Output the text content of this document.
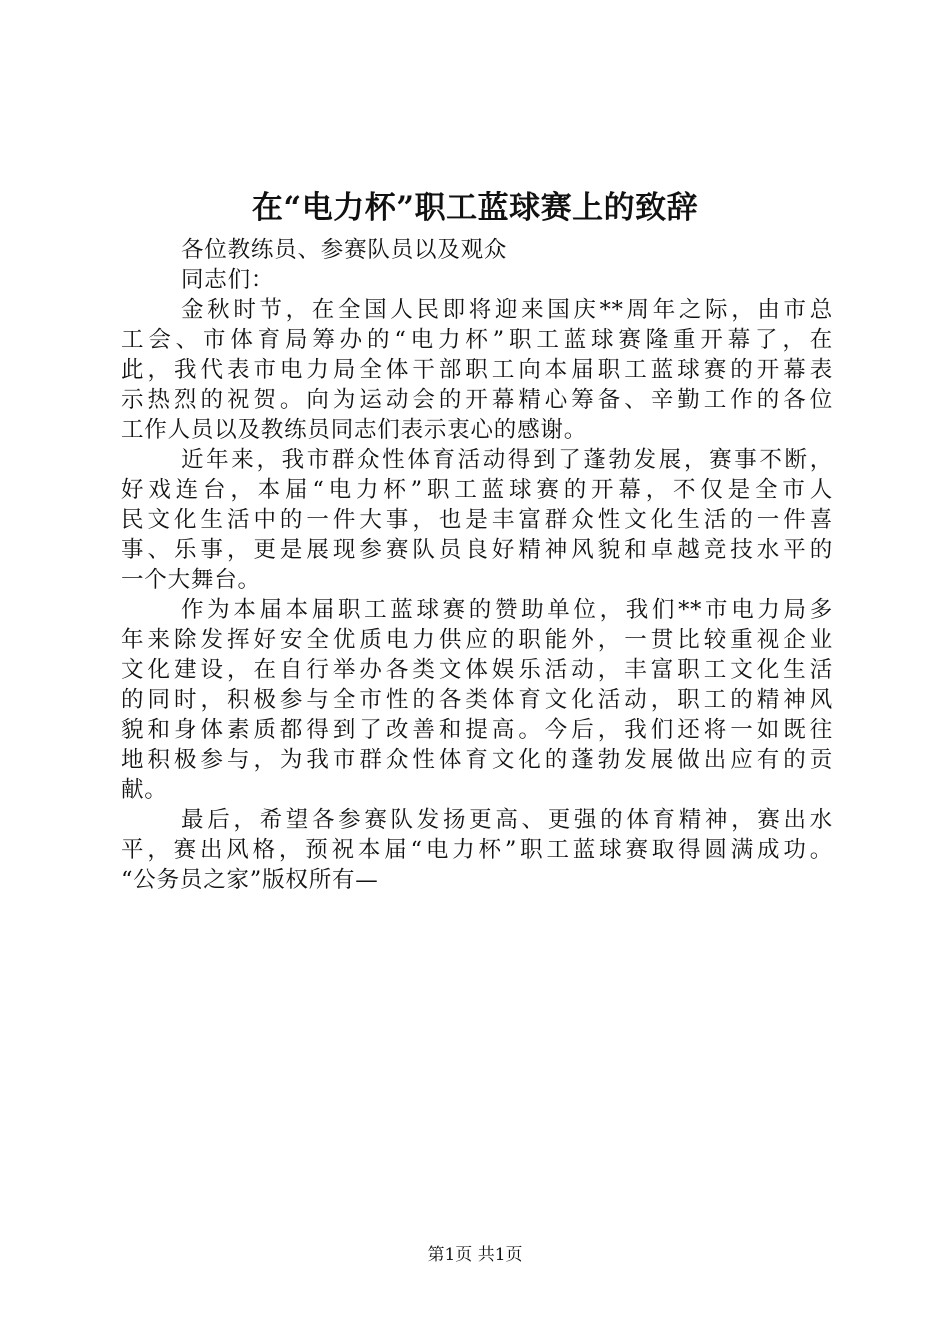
在“电力杯”职工蓝球赛上的致辞
各位教练员、参赛队员以及观众
同志们：
金秋时节，在全国人民即将迎来国庆**周年之际，由市总
工会、市体育局筹办的“电力杯”职工蓝球赛隆重开幕了，在
此，我代表市电力局全体干部职工向本届职工蓝球赛的开幕表
示热烈的祝贺。向为运动会的开幕精心筹备、辛勤工作的各位
工作人员以及教练员同志们表示衷心的感谢。
近年来，我市群众性体育活动得到了蓬勃发展，赛事不断，
好戏连台，本届“电力杯”职工蓝球赛的开幕，不仅是全市人
民文化生活中的一件大事，也是丰富群众性文化生活的一件喜
事、乐事，更是展现参赛队员良好精神风貌和卓越竞技水平的
一个大舞台。
作为本届本届职工蓝球赛的赞助单位，我们**市电力局多
年来除发挥好安全优质电力供应的职能外，一贯比较重视企业
文化建设，在自行举办各类文体娱乐活动，丰富职工文化生活
的同时，积极参与全市性的各类体育文化活动，职工的精神风
貌和身体素质都得到了改善和提高。今后，我们还将一如既往
地积极参与，为我市群众性体育文化的蓬勃发展做出应有的贡
献。
最后，希望各参赛队发扬更高、更强的体育精神，赛出水
平，赛出风格，预祝本届“电力杯”职工蓝球赛取得圆满成功。
“公务员之家”版权所有—
第1页 共1页
